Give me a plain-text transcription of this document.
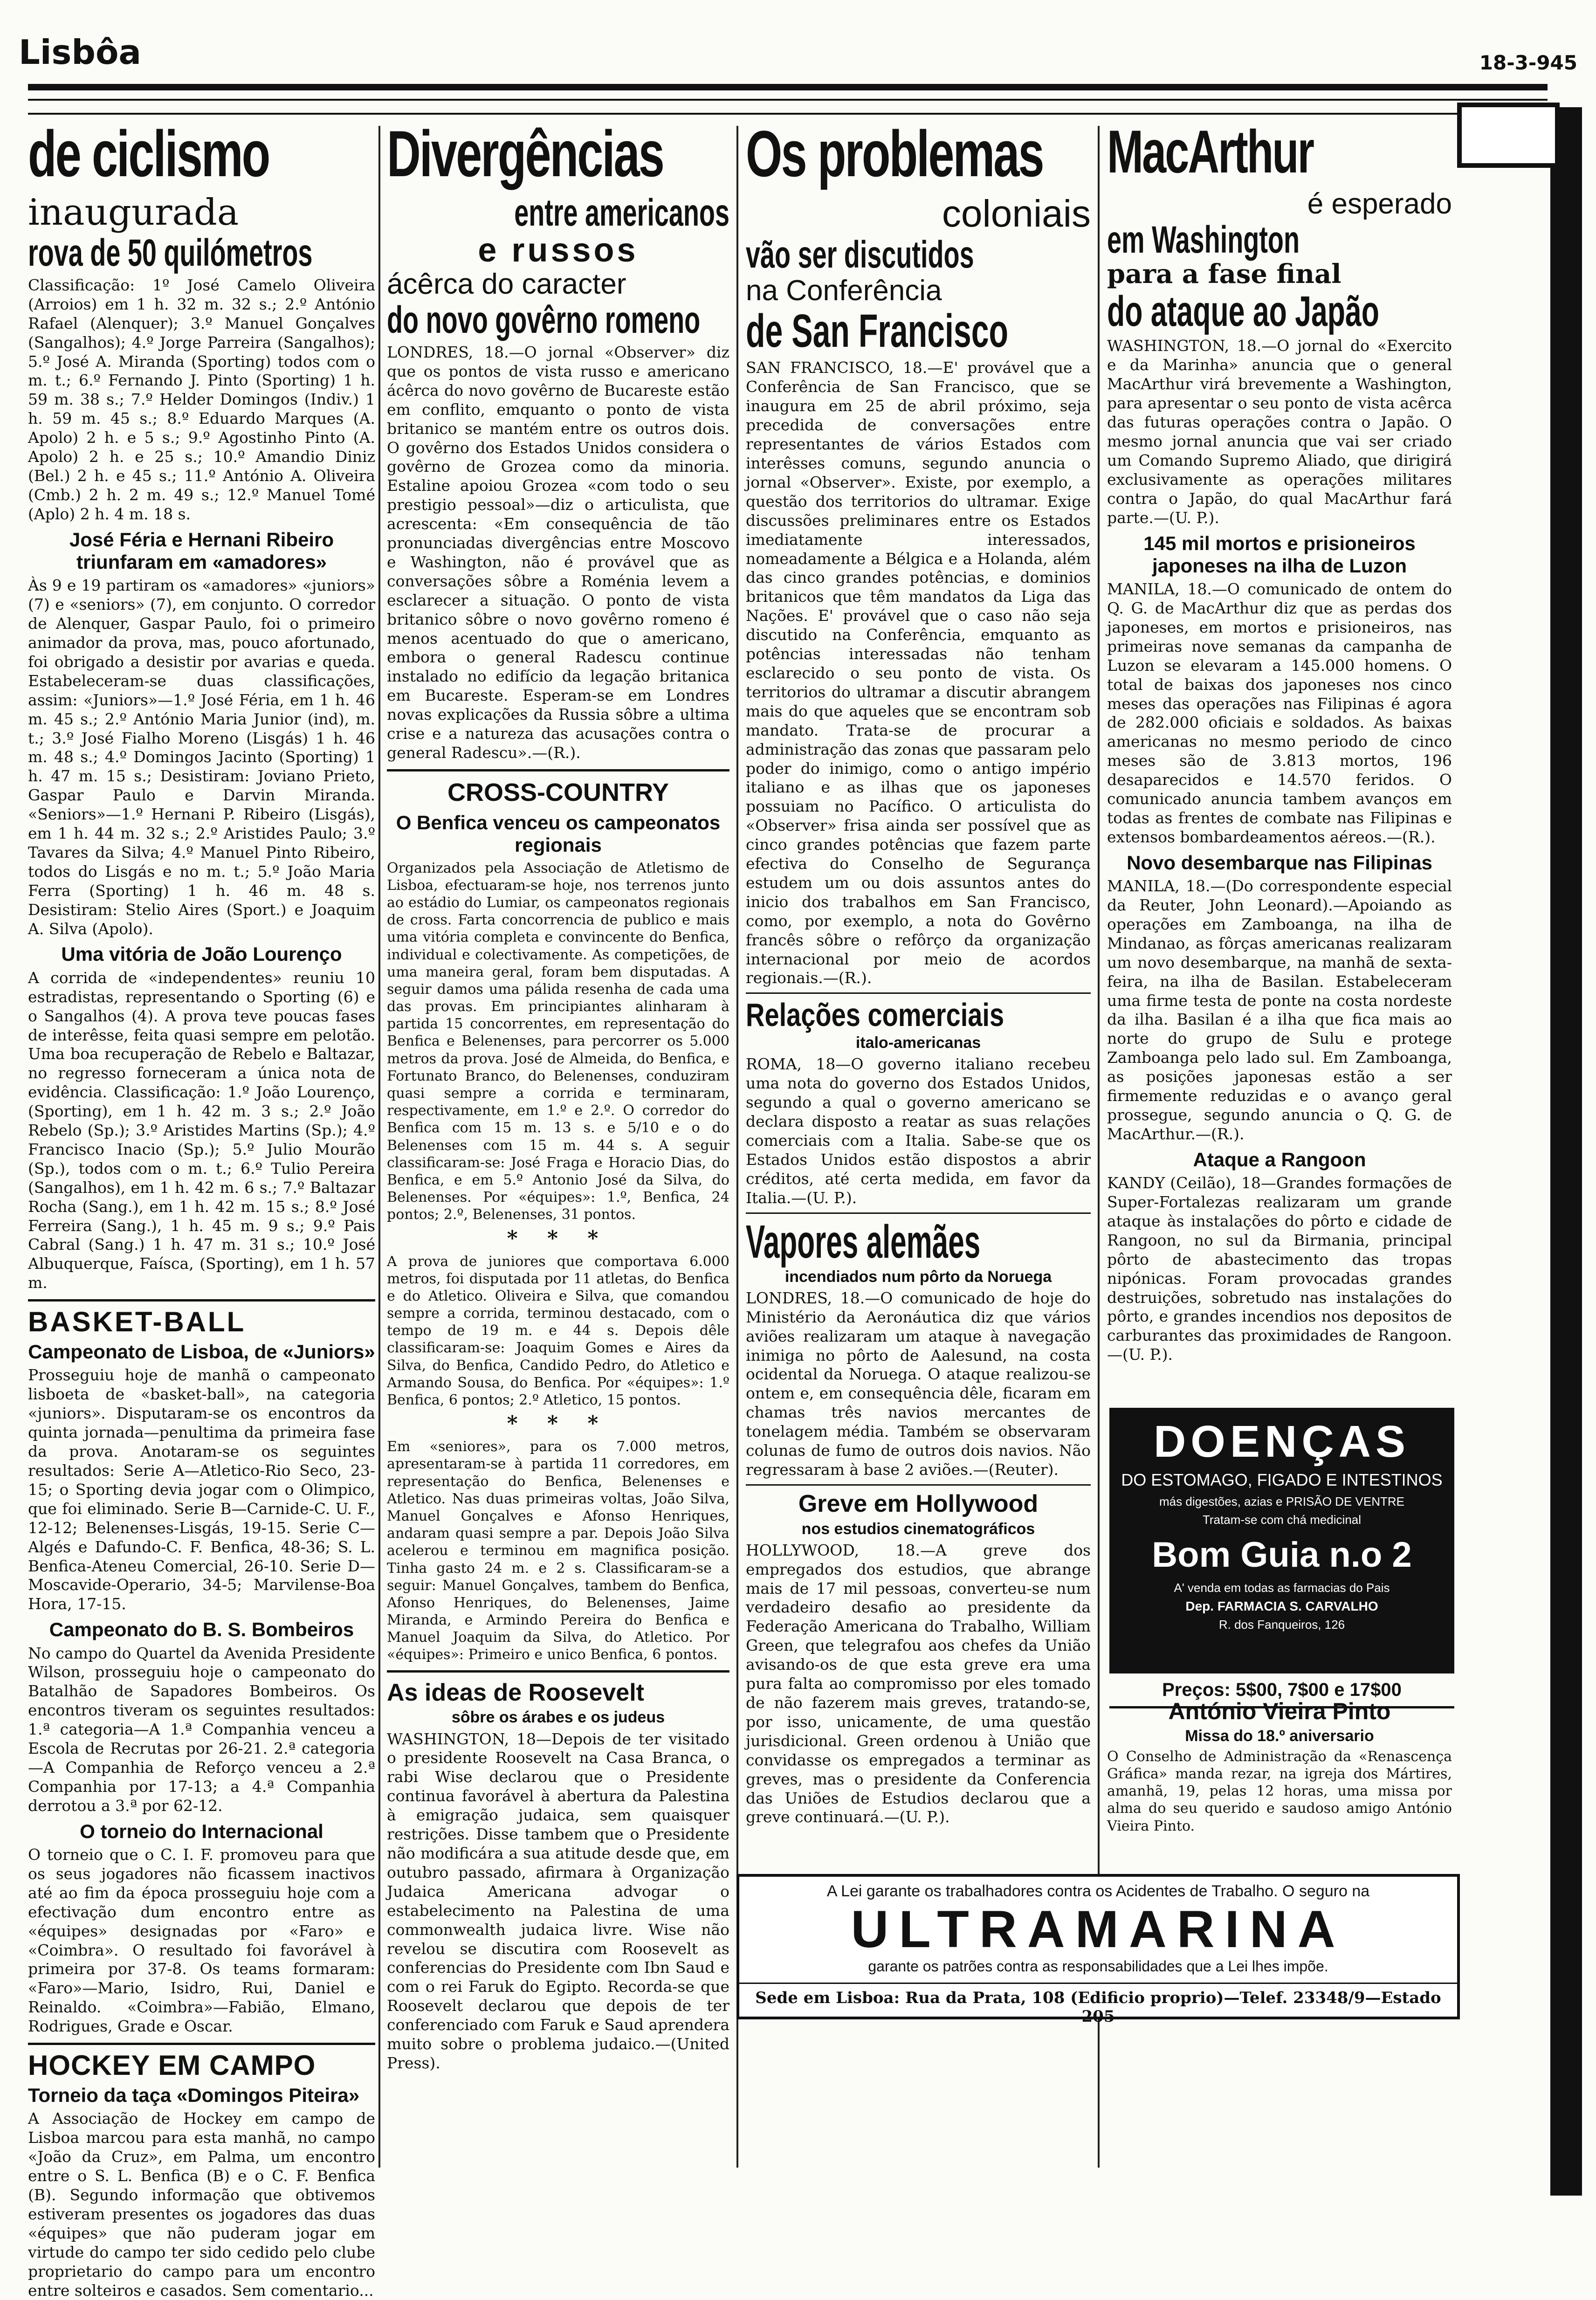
Lisbôa	18-3-945
de ciclismo
inaugurada
rova de 50 quilómetros
Classificação: 1º José Camelo Oliveira (Arroios) em 1 h. 32 m. 32 s.; 2.º António Rafael (Alenquer); 3.º Manuel Gonçalves (Sangalhos); 4.º Jorge Parreira (Sangalhos); 5.º José A. Miranda (Sporting) todos com o m. t.; 6.º Fernando J. Pinto (Sporting) 1 h. 59 m. 38 s.; 7.º Helder Domingos (Indiv.) 1 h. 59 m. 45 s.; 8.º Eduardo Marques (A. Apolo) 2 h. e 5 s.; 9.º Agostinho Pinto (A. Apolo) 2 h. e 25 s.; 10.º Amandio Diniz (Bel.) 2 h. e 45 s.; 11.º António A. Oliveira (Cmb.) 2 h. 2 m. 49 s.; 12.º Manuel Tomé (Aplo) 2 h. 4 m. 18 s.
José Féria e Hernani Ribeiro triunfaram em «amadores»
Às 9 e 19 partiram os «amadores» «juniors» (7) e «seniors» (7), em conjunto. O corredor de Alenquer, Gaspar Paulo, foi o primeiro animador da prova, mas, pouco afortunado, foi obrigado a desistir por avarias e queda. Estabeleceram-se duas classificações, assim: «Juniors»—1.º José Féria, em 1 h. 46 m. 45 s.; 2.º António Maria Junior (ind), m. t.; 3.º José Fialho Moreno (Lisgás) 1 h. 46 m. 48 s.; 4.º Domingos Jacinto (Sporting) 1 h. 47 m. 15 s.; Desistiram: Joviano Prieto, Gaspar Paulo e Darvin Miranda. «Seniors»—1.º Hernani P. Ribeiro (Lisgás), em 1 h. 44 m. 32 s.; 2.º Aristides Paulo; 3.º Tavares da Silva; 4.º Manuel Pinto Ribeiro, todos do Lisgás e no m. t.; 5.º João Maria Ferra (Sporting) 1 h. 46 m. 48 s. Desistiram: Stelio Aires (Sport.) e Joaquim A. Silva (Apolo).
Uma vitória de João Lourenço
A corrida de «independentes» reuniu 10 estradistas, representando o Sporting (6) e o Sangalhos (4). A prova teve poucas fases de interêsse, feita quasi sempre em pelotão. Uma boa recuperação de Rebelo e Baltazar, no regresso forneceram a única nota de evidência. Classificação: 1.º João Lourenço, (Sporting), em 1 h. 42 m. 3 s.; 2.º João Rebelo (Sp.); 3.º Aristides Martins (Sp.); 4.º Francisco Inacio (Sp.); 5.º Julio Mourão (Sp.), todos com o m. t.; 6.º Tulio Pereira (Sangalhos), em 1 h. 42 m. 6 s.; 7.º Baltazar Rocha (Sang.), em 1 h. 42 m. 15 s.; 8.º José Ferreira (Sang.), 1 h. 45 m. 9 s.; 9.º Pais Cabral (Sang.) 1 h. 47 m. 31 s.; 10.º José Albuquerque, Faísca, (Sporting), em 1 h. 57 m.
BASKET-BALL
Campeonato de Lisboa, de «Juniors»
Prosseguiu hoje de manhã o campeonato lisboeta de «basket-ball», na categoria «juniors». Disputaram-se os encontros da quinta jornada—penultima da primeira fase da prova. Anotaram-se os seguintes resultados: Serie A—Atletico-Rio Seco, 23-15; o Sporting devia jogar com o Olimpico, que foi eliminado. Serie B—Carnide-C. U. F., 12-12; Belenenses-Lisgás, 19-15. Serie C—Algés e Dafundo-C. F. Benfica, 48-36; S. L. Benfica-Ateneu Comercial, 26-10. Serie D—Moscavide-Operario, 34-5; Marvilense-Boa Hora, 17-15.
Campeonato do B. S. Bombeiros
No campo do Quartel da Avenida Presidente Wilson, prosseguiu hoje o campeonato do Batalhão de Sapadores Bombeiros. Os encontros tiveram os seguintes resultados: 1.ª categoria—A 1.ª Companhia venceu a Escola de Recrutas por 26-21. 2.ª categoria—A Companhia de Reforço venceu a 2.ª Companhia por 17-13; a 4.ª Companhia derrotou a 3.ª por 62-12.
O torneio do Internacional
O torneio que o C. I. F. promoveu para que os seus jogadores não ficassem inactivos até ao fim da época prosseguiu hoje com a efectivação dum encontro entre as «équipes» designadas por «Faro» e «Coimbra». O resultado foi favorável à primeira por 37-8. Os teams formaram: «Faro»—Mario, Isidro, Rui, Daniel e Reinaldo. «Coimbra»—Fabião, Elmano, Rodrigues, Grade e Oscar.
HOCKEY EM CAMPO
Torneio da taça «Domingos Piteira»
A Associação de Hockey em campo de Lisboa marcou para esta manhã, no campo «João da Cruz», em Palma, um encontro entre o S. L. Benfica (B) e o C. F. Benfica (B). Segundo informação que obtivemos estiveram presentes os jogadores das duas «équipes» que não puderam jogar em virtude do campo ter sido cedido pelo clube proprietario do campo para um encontro entre solteiros e casados. Sem comentario...
Divergências
entre americanos
e russos
ácêrca do caracter
do novo govêrno romeno
LONDRES, 18.—O jornal «Observer» diz que os pontos de vista russo e americano ácêrca do novo govêrno de Bucareste estão em conflito, emquanto o ponto de vista britanico se mantém entre os outros dois. O govêrno dos Estados Unidos considera o govêrno de Grozea como da minoria. Estaline apoiou Grozea «com todo o seu prestigio pessoal»—diz o articulista, que acrescenta: «Em consequência de tão pronunciadas divergências entre Moscovo e Washington, não é provável que as conversações sôbre a Roménia levem a esclarecer a situação. O ponto de vista britanico sôbre o novo govêrno romeno é menos acentuado do que o americano, embora o general Radescu continue instalado no edifício da legação britanica em Bucareste. Esperam-se em Londres novas explicações da Russia sôbre a ultima crise e a natureza das acusações contra o general Radescu».—(R.).
CROSS-COUNTRY
O Benfica venceu os campeonatos regionais
Organizados pela Associação de Atletismo de Lisboa, efectuaram-se hoje, nos terrenos junto ao estádio do Lumiar, os campeonatos regionais de cross. Farta concorrencia de publico e mais uma vitória completa e convincente do Benfica, individual e colectivamente. As competições, de uma maneira geral, foram bem disputadas. A seguir damos uma pálida resenha de cada uma das provas. Em principiantes alinharam à partida 15 concorrentes, em representação do Benfica e Belenenses, para percorrer os 5.000 metros da prova. José de Almeida, do Benfica, e Fortunato Branco, do Belenenses, conduziram quasi sempre a corrida e terminaram, respectivamente, em 1.º e 2.º. O corredor do Benfica com 15 m. 13 s. e 5/10 e o do Belenenses com 15 m. 44 s. A seguir classificaram-se: José Fraga e Horacio Dias, do Benfica, e em 5.º Antonio José da Silva, do Belenenses. Por «équipes»: 1.º, Benfica, 24 pontos; 2.º, Belenenses, 31 pontos.
* * *
A prova de juniores que comportava 6.000 metros, foi disputada por 11 atletas, do Benfica e do Atletico. Oliveira e Silva, que comandou sempre a corrida, terminou destacado, com o tempo de 19 m. e 44 s. Depois dêle classificaram-se: Joaquim Gomes e Aires da Silva, do Benfica, Candido Pedro, do Atletico e Armando Sousa, do Benfica. Por «équipes»: 1.º Benfica, 6 pontos; 2.º Atletico, 15 pontos.
* * *
Em «seniores», para os 7.000 metros, apresentaram-se à partida 11 corredores, em representação do Benfica, Belenenses e Atletico. Nas duas primeiras voltas, João Silva, Manuel Gonçalves e Afonso Henriques, andaram quasi sempre a par. Depois João Silva acelerou e terminou em magnifica posição. Tinha gasto 24 m. e 2 s. Classificaram-se a seguir: Manuel Gonçalves, tambem do Benfica, Afonso Henriques, do Belenenses, Jaime Miranda, e Armindo Pereira do Benfica e Manuel Joaquim da Silva, do Atletico. Por «équipes»: Primeiro e unico Benfica, 6 pontos.
As ideas de Roosevelt
sôbre os árabes e os judeus
WASHINGTON, 18—Depois de ter visitado o presidente Roosevelt na Casa Branca, o rabi Wise declarou que o Presidente continua favorável à abertura da Palestina à emigração judaica, sem quaisquer restrições. Disse tambem que o Presidente não modificára a sua atitude desde que, em outubro passado, afirmara à Organização Judaica Americana advogar o estabelecimento na Palestina de uma commonwealth judaica livre. Wise não revelou se discutira com Roosevelt as conferencias do Presidente com Ibn Saud e com o rei Faruk do Egipto. Recorda-se que Roosevelt declarou que depois de ter conferenciado com Faruk e Saud aprendera muito sobre o problema judaico.—(United Press).
Os problemas
coloniais
vão ser discutidos
na Conferência
de San Francisco
SAN FRANCISCO, 18.—E' provável que a Conferência de San Francisco, que se inaugura em 25 de abril próximo, seja precedida de conversações entre representantes de vários Estados com interêsses comuns, segundo anuncia o jornal «Observer». Existe, por exemplo, a questão dos territorios do ultramar. Exige discussões preliminares entre os Estados imediatamente interessados, nomeadamente a Bélgica e a Holanda, além das cinco grandes potências, e dominios britanicos que têm mandatos da Liga das Nações. E' provável que o caso não seja discutido na Conferência, emquanto as potências interessadas não tenham esclarecido o seu ponto de vista. Os territorios do ultramar a discutir abrangem mais do que aqueles que se encontram sob mandato. Trata-se de procurar a administração das zonas que passaram pelo poder do inimigo, como o antigo império italiano e as ilhas que os japoneses possuiam no Pacífico. O articulista do «Observer» frisa ainda ser possível que as cinco grandes potências que fazem parte efectiva do Conselho de Segurança estudem um ou dois assuntos antes do inicio dos trabalhos em San Francisco, como, por exemplo, a nota do Govêrno francês sôbre o refôrço da organização internacional por meio de acordos regionais.—(R.).
Relações comerciais
italo-americanas
ROMA, 18—O governo italiano recebeu uma nota do governo dos Estados Unidos, segundo a qual o governo americano se declara disposto a reatar as suas relações comerciais com a Italia. Sabe-se que os Estados Unidos estão dispostos a abrir créditos, até certa medida, em favor da Italia.—(U. P.).
Vapores alemães
incendiados num pôrto da Noruega
LONDRES, 18.—O comunicado de hoje do Ministério da Aeronáutica diz que vários aviões realizaram um ataque à navegação inimiga no pôrto de Aalesund, na costa ocidental da Noruega. O ataque realizou-se ontem e, em consequência dêle, ficaram em chamas três navios mercantes de tonelagem média. Também se observaram colunas de fumo de outros dois navios. Não regressaram à base 2 aviões.—(Reuter).
Greve em Hollywood
nos estudios cinematográficos
HOLLYWOOD, 18.—A greve dos empregados dos estudios, que abrange mais de 17 mil pessoas, converteu-se num verdadeiro desafio ao presidente da Federação Americana do Trabalho, William Green, que telegrafou aos chefes da União avisando-os de que esta greve era uma pura falta ao compromisso por eles tomado de não fazerem mais greves, tratando-se, por isso, unicamente, de uma questão jurisdicional. Green ordenou à União que convidasse os empregados a terminar as greves, mas o presidente da Conferencia das Uniões de Estudios declarou que a greve continuará.—(U. P.).
MacArthur
é esperado
em Washington
para a fase final
do ataque ao Japão
WASHINGTON, 18.—O jornal do «Exercito e da Marinha» anuncia que o general MacArthur virá brevemente a Washington, para apresentar o seu ponto de vista acêrca das futuras operações contra o Japão. O mesmo jornal anuncia que vai ser criado um Comando Supremo Aliado, que dirigirá exclusivamente as operações militares contra o Japão, do qual MacArthur fará parte.—(U. P.).
145 mil mortos e prisioneiros japoneses na ilha de Luzon
MANILA, 18.—O comunicado de ontem do Q. G. de MacArthur diz que as perdas dos japoneses, em mortos e prisioneiros, nas primeiras nove semanas da campanha de Luzon se elevaram a 145.000 homens. O total de baixas dos japoneses nos cinco meses das operações nas Filipinas é agora de 282.000 oficiais e soldados. As baixas americanas no mesmo periodo de cinco meses são de 3.813 mortos, 196 desaparecidos e 14.570 feridos. O comunicado anuncia tambem avanços em todas as frentes de combate nas Filipinas e extensos bombardeamentos aéreos.—(R.).
Novo desembarque nas Filipinas
MANILA, 18.—(Do correspondente especial da Reuter, John Leonard).—Apoiando as operações em Zamboanga, na ilha de Mindanao, as fôrças americanas realizaram um novo desembarque, na manhã de sexta-feira, na ilha de Basilan. Estabeleceram uma firme testa de ponte na costa nordeste da ilha. Basilan é a ilha que fica mais ao norte do grupo de Sulu e protege Zamboanga pelo lado sul. Em Zamboanga, as posições japonesas estão a ser firmemente reduzidas e o avanço geral prossegue, segundo anuncia o Q. G. de MacArthur.—(R.).
Ataque a Rangoon
KANDY (Ceilão), 18—Grandes formações de Super-Fortalezas realizaram um grande ataque às instalações do pôrto e cidade de Rangoon, no sul da Birmania, principal pôrto de abastecimento das tropas nipónicas. Foram provocadas grandes destruições, sobretudo nas instalações do pôrto, e grandes incendios nos depositos de carburantes das proximidades de Rangoon.—(U. P.).
António Vieira Pinto
Missa do 18.º aniversario
O Conselho de Administração da «Renascença Gráfica» manda rezar, na igreja dos Mártires, amanhã, 19, pelas 12 horas, uma missa por alma do seu querido e saudoso amigo António Vieira Pinto.
DOENÇAS
DO ESTOMAGO, FIGADO E INTESTINOS
más digestões, azias e PRISÃO DE VENTRE
Tratam-se com chá medicinal
Bom Guia n.o 2
A' venda em todas as farmacias do Pais
Dep. FARMACIA S. CARVALHO
R. dos Fanqueiros, 126
Preços: 5$00, 7$00 e 17$00
A Lei garante os trabalhadores contra os Acidentes de Trabalho. O seguro na
ULTRAMARINA
garante os patrões contra as responsabilidades que a Lei lhes impõe.
Sede em Lisboa: Rua da Prata, 108 (Edificio proprio)—Telef. 23348/9—Estado 205
